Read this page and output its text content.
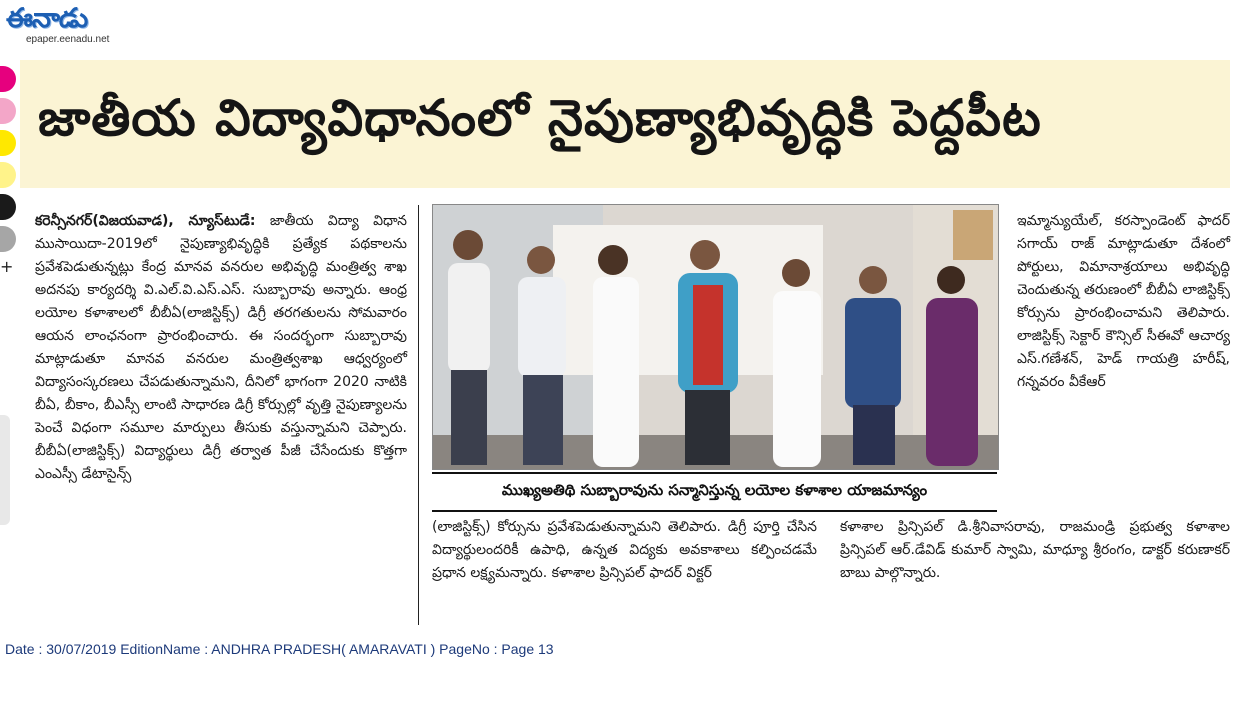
ఈనాడు
epaper.eenadu.net
+
జాతీయ విద్యావిధానంలో నైపుణ్యాభివృద్ధికి పెద్దపీట
కరెన్సీనగర్(విజయవాడ), న్యూస్‌టుడే: జాతీయ విద్యా విధాన ముసాయిదా-2019లో నైపుణ్యాభివృద్ధికి ప్రత్యేక పథకాలను ప్రవేశపెడుతున్నట్లు కేంద్ర మానవ వనరుల అభివృద్ధి మంత్రిత్వ శాఖ అదనపు కార్యదర్శి వి.ఎల్.వి.ఎస్.ఎస్. సుబ్బారావు అన్నారు. ఆంధ్ర లయోల కళాశాలలో బీబీఏ(లాజిస్టిక్స్) డిగ్రీ తరగతులను సోమవారం ఆయన లాంఛనంగా ప్రారంభించారు. ఈ సందర్భంగా సుబ్బారావు మాట్లాడుతూ మానవ వనరుల మంత్రిత్వశాఖ ఆధ్వర్యంలో విద్యాసంస్కరణలు చేపడుతున్నామని, దీనిలో భాగంగా 2020 నాటికి బీఏ, బీకాం, బీఎస్సీ లాంటి సాధారణ డిగ్రీ కోర్సుల్లో వృత్తి నైపుణ్యాలను పెంచే విధంగా సమూల మార్పులు తీసుకు వస్తున్నామని చెప్పారు. బీబీఏ(లాజిస్టిక్స్) విద్యార్థులు డిగ్రీ తర్వాత పీజీ చేసేందుకు కొత్తగా ఎంఎస్సీ డేటాసైన్స్
ముఖ్యఅతిథి సుబ్బారావును సన్మానిస్తున్న లయోల కళాశాల యాజమాన్యం
(లాజిస్టిక్స్) కోర్సును ప్రవేశపెడుతున్నామని తెలిపారు. డిగ్రీ పూర్తి చేసిన విద్యార్థులందరికీ ఉపాధి, ఉన్నత విద్యకు అవకాశాలు కల్పించడమే ప్రధాన లక్ష్యమన్నారు. కళాశాల ప్రిన్సిపల్ ఫాదర్ విక్టర్
కళాశాల ప్రిన్సిపల్ డి.శ్రీనివాసరావు, రాజమండ్రి ప్రభుత్వ కళాశాల ప్రిన్సిపల్ ఆర్.డేవిడ్ కుమార్ స్వామి, మాధ్యూ శ్రీరంగం, డాక్టర్ కరుణాకర్ బాబు పాల్గొన్నారు.
ఇమ్మాన్యుయేల్, కరస్పాండెంట్ ఫాదర్ సగాయ్ రాజ్ మాట్లాడుతూ దేశంలో పోర్టులు, విమానాశ్రయాలు అభివృద్ధి చెందుతున్న తరుణంలో బీబీఏ లాజిస్టిక్స్ కోర్సును ప్రారంభించామని తెలిపారు. లాజిస్టిక్స్ సెక్టార్ కౌన్సిల్ సీఈవో ఆచార్య ఎస్.గణేశన్, హెడ్ గాయత్రి హరీష్, గన్నవరం వీకేఆర్
Date : 30/07/2019 EditionName : ANDHRA PRADESH( AMARAVATI ) PageNo : Page 13
